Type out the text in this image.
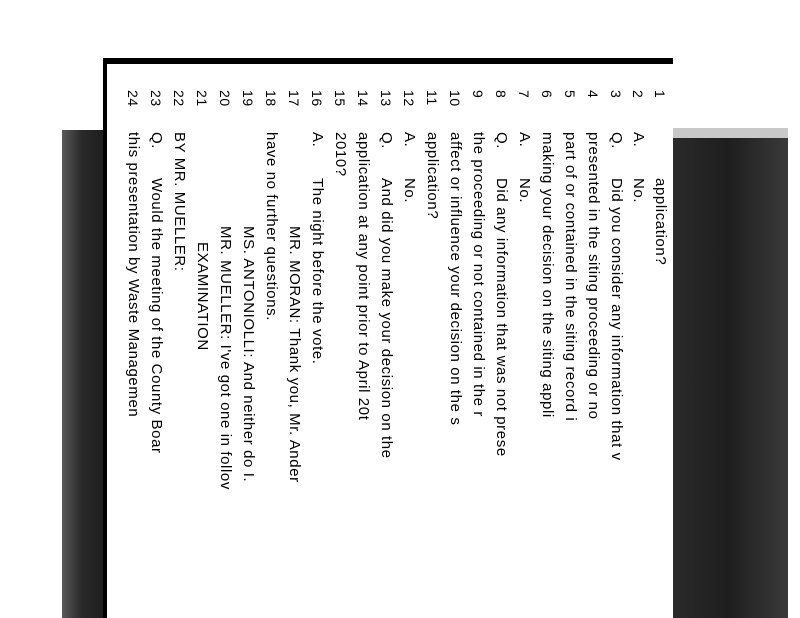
1
application?
2
A.
No.
3
Q.
Did you consider any information that v
4
presented in the siting proceeding or no
5
part of or contained in the siting record i
6
making your decision on the siting appli
7
A.
No.
8
Q.
Did any information that was not prese
9
the proceeding or not contained in the r
10
affect or influence your decision on the s
11
application?
12
A.
No.
13
Q.
And did you make your decision on the
14
application at any point prior to April 20t
15
2010?
16
A.
The night before the vote.
17
MR. MORAN: Thank you, Mr. Ander
18
have no further questions.
19
MS. ANTONIOLLI: And neither do I.
20
MR. MUELLER: I've got one in follov
21
EXAMINATION
22
BY MR. MUELLER:
23
Q.
Would the meeting of the County Boar
24
this presentation by Waste Managemen
